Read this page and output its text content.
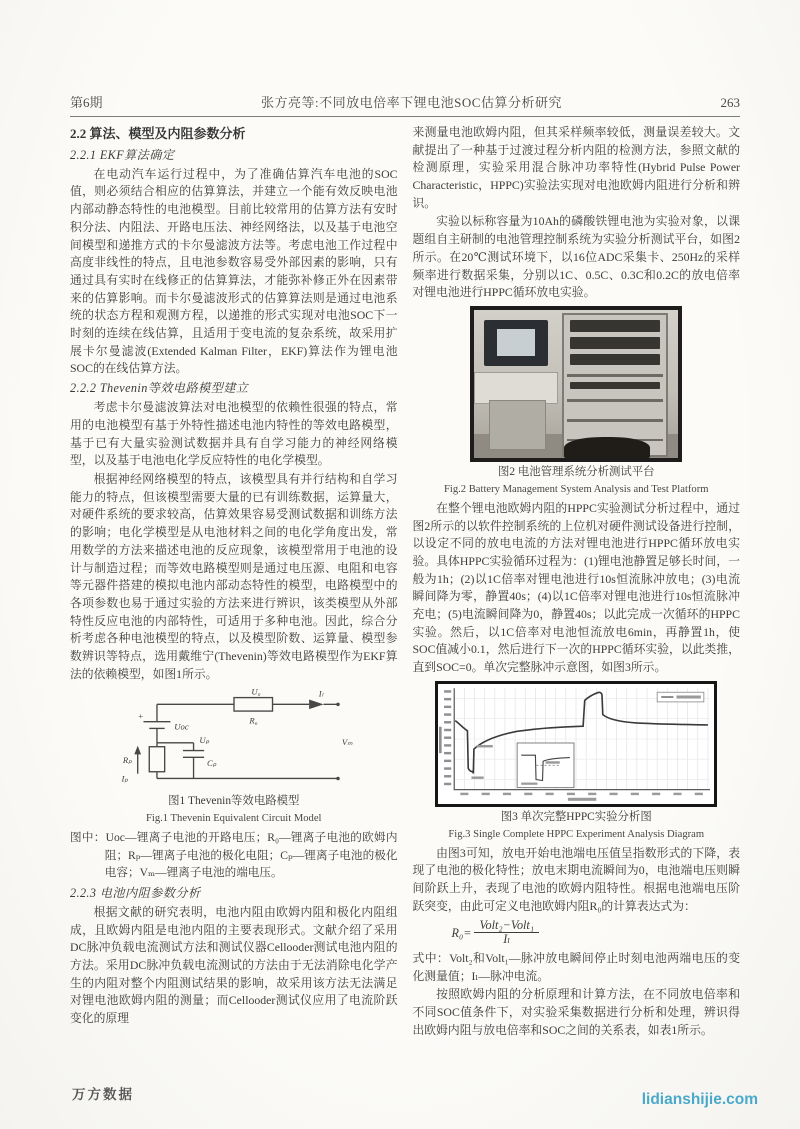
第6期	张方亮等:不同放电倍率下锂电池SOC估算分析研究	263
2.2 算法、模型及内阻参数分析
2.2.1 EKF算法确定

在电动汽车运行过程中，为了准确估算汽车电池的SOC值，则必须结合相应的估算算法，并建立一个能有效反映电池内部动静态特性的电池模型。目前比较常用的估算方法有安时积分法、内阻法、开路电压法、神经网络法，以及基于电池空间模型和递推方式的卡尔曼滤波方法等。考虑电池工作过程中高度非线性的特点，且电池参数容易受外部因素的影响，只有通过具有实时在线修正的估算算法，才能弥补修正外在因素带来的估算影响。而卡尔曼滤波形式的估算算法则是通过电池系统的状态方程和观测方程，以递推的形式实现对电池SOC下一时刻的连续在线估算，且适用于变电流的复杂系统，故采用扩展卡尔曼滤波(Extended Kalman Filter，EKF)算法作为锂电池SOC的在线估算方法。

2.2.2 Thevenin等效电路模型建立

考虑卡尔曼滤波算法对电池模型的依赖性很强的特点，常用的电池模型有基于外特性描述电池内特性的等效电路模型，基于已有大量实验测试数据并具有自学习能力的神经网络模型，以及基于电池电化学反应特性的电化学模型。

根据神经网络模型的特点，该模型具有并行结构和自学习能力的特点，但该模型需要大量的已有训练数据，运算量大，对硬件系统的要求较高，估算效果容易受测试数据和训练方法的影响；电化学模型是从电池材料之间的电化学角度出发，常用数学的方法来描述电池的反应现象，该模型常用于电池的设计与制造过程；而等效电路模型则是通过电压源、电阻和电容等元器件搭建的模拟电池内部动态特性的模型，电路模型中的各项参数也易于通过实验的方法来进行辨识，该类模型从外部特性反应电池的内部特性，可适用于多种电池。因此，综合分析考虑各种电池模型的特点，以及模型阶数、运算量、模型参数辨识等特点，选用戴维宁(Thevenin)等效电路模型作为EKF算法的依赖模型，如图1所示。

U₀
R₀
Iₗ
+
Uoc
Uₚ
Rₚ	Cₚ
Iₚ
Vₘ
图1 Thevenin等效电路模型
Fig.1 Thevenin Equivalent Circuit Model

图中：Uoc—锂离子电池的开路电压；R₀—锂离子电池的欧姆内阻；Rₚ—锂离子电池的极化电阻；Cₚ—锂离子电池的极化电容；Vₘ—锂离子电池的端电压。

2.2.3 电池内阻参数分析

根据文献的研究表明，电池内阻由欧姆内阻和极化内阻组成，且欧姆内阻是电池内阻的主要表现形式。文献介绍了采用DC脉冲负载电流测试方法和测试仪器Cellooder测试电池内阻的方法。采用DC脉冲负载电流测试的方法由于无法消除电化学产生的内阻对整个内阻测试结果的影响，故采用该方法无法满足对锂电池欧姆内阻的测量；而Cellooder测试仪应用了电流阶跃变化的原理

来测量电池欧姆内阻，但其采样频率较低，测量误差较大。文献提出了一种基于过渡过程分析内阻的检测方法，参照文献的检测原理，实验采用混合脉冲功率特性(Hybrid Pulse Power Characteristic，HPPC)实验法实现对电池欧姆内阻进行分析和辨识。

实验以标称容量为10Ah的磷酸铁锂电池为实验对象，以课题组自主研制的电池管理控制系统为实验分析测试平台，如图2所示。在20℃测试环境下，以16位ADC采集卡、250Hz的采样频率进行数据采集，分别以1C、0.5C、0.3C和0.2C的放电倍率对锂电池进行HPPC循环放电实验。

图2 电池管理系统分析测试平台
Fig.2 Battery Management System Analysis and Test Platform

在整个锂电池欧姆内阻的HPPC实验测试分析过程中，通过图2所示的以软件控制系统的上位机对硬件测试设备进行控制，以设定不同的放电电流的方法对锂电池进行HPPC循环放电实验。具体HPPC实验循环过程为：(1)锂电池静置足够长时间，一般为1h；(2)以1C倍率对锂电池进行10s恒流脉冲放电；(3)电流瞬间降为零，静置40s；(4)以1C倍率对锂电池进行10s恒流脉冲充电；(5)电流瞬间降为0，静置40s；以此完成一次循环的HPPC实验。然后，以1C倍率对电池恒流放电6min，再静置1h，使SOC值减小0.1，然后进行下一次的HPPC循环实验，以此类推，直到SOC=0。单次完整脉冲示意图，如图3所示。

图3 单次完整HPPC实验分析图
Fig.3 Single Complete HPPC Experiment Analysis Diagram

由图3可知，放电开始电池端电压值呈指数形式的下降，表现了电池的极化特性；放电末期电流瞬间为0，电池端电压则瞬间阶跃上升，表现了电池的欧姆内阻特性。根据电池端电压阶跃突变，由此可定义电池欧姆内阻R₀的计算表达式为：

$R_0= \frac{\text{Volt₂−Volt₁}}{\text{Iₗ}}$

式中：Volt₂和Volt₁—脉冲放电瞬间停止时刻电池两端电压的变化测量值；Iₗ—脉冲电流。

按照欧姆内阻的分析原理和计算方法，在不同放电倍率和不同SOC值条件下，对实验采集数据进行分析和处理，辨识得出欧姆内阻与放电倍率和SOC之间的关系表，如表1所示。

万方数据	lidianshijie.com
